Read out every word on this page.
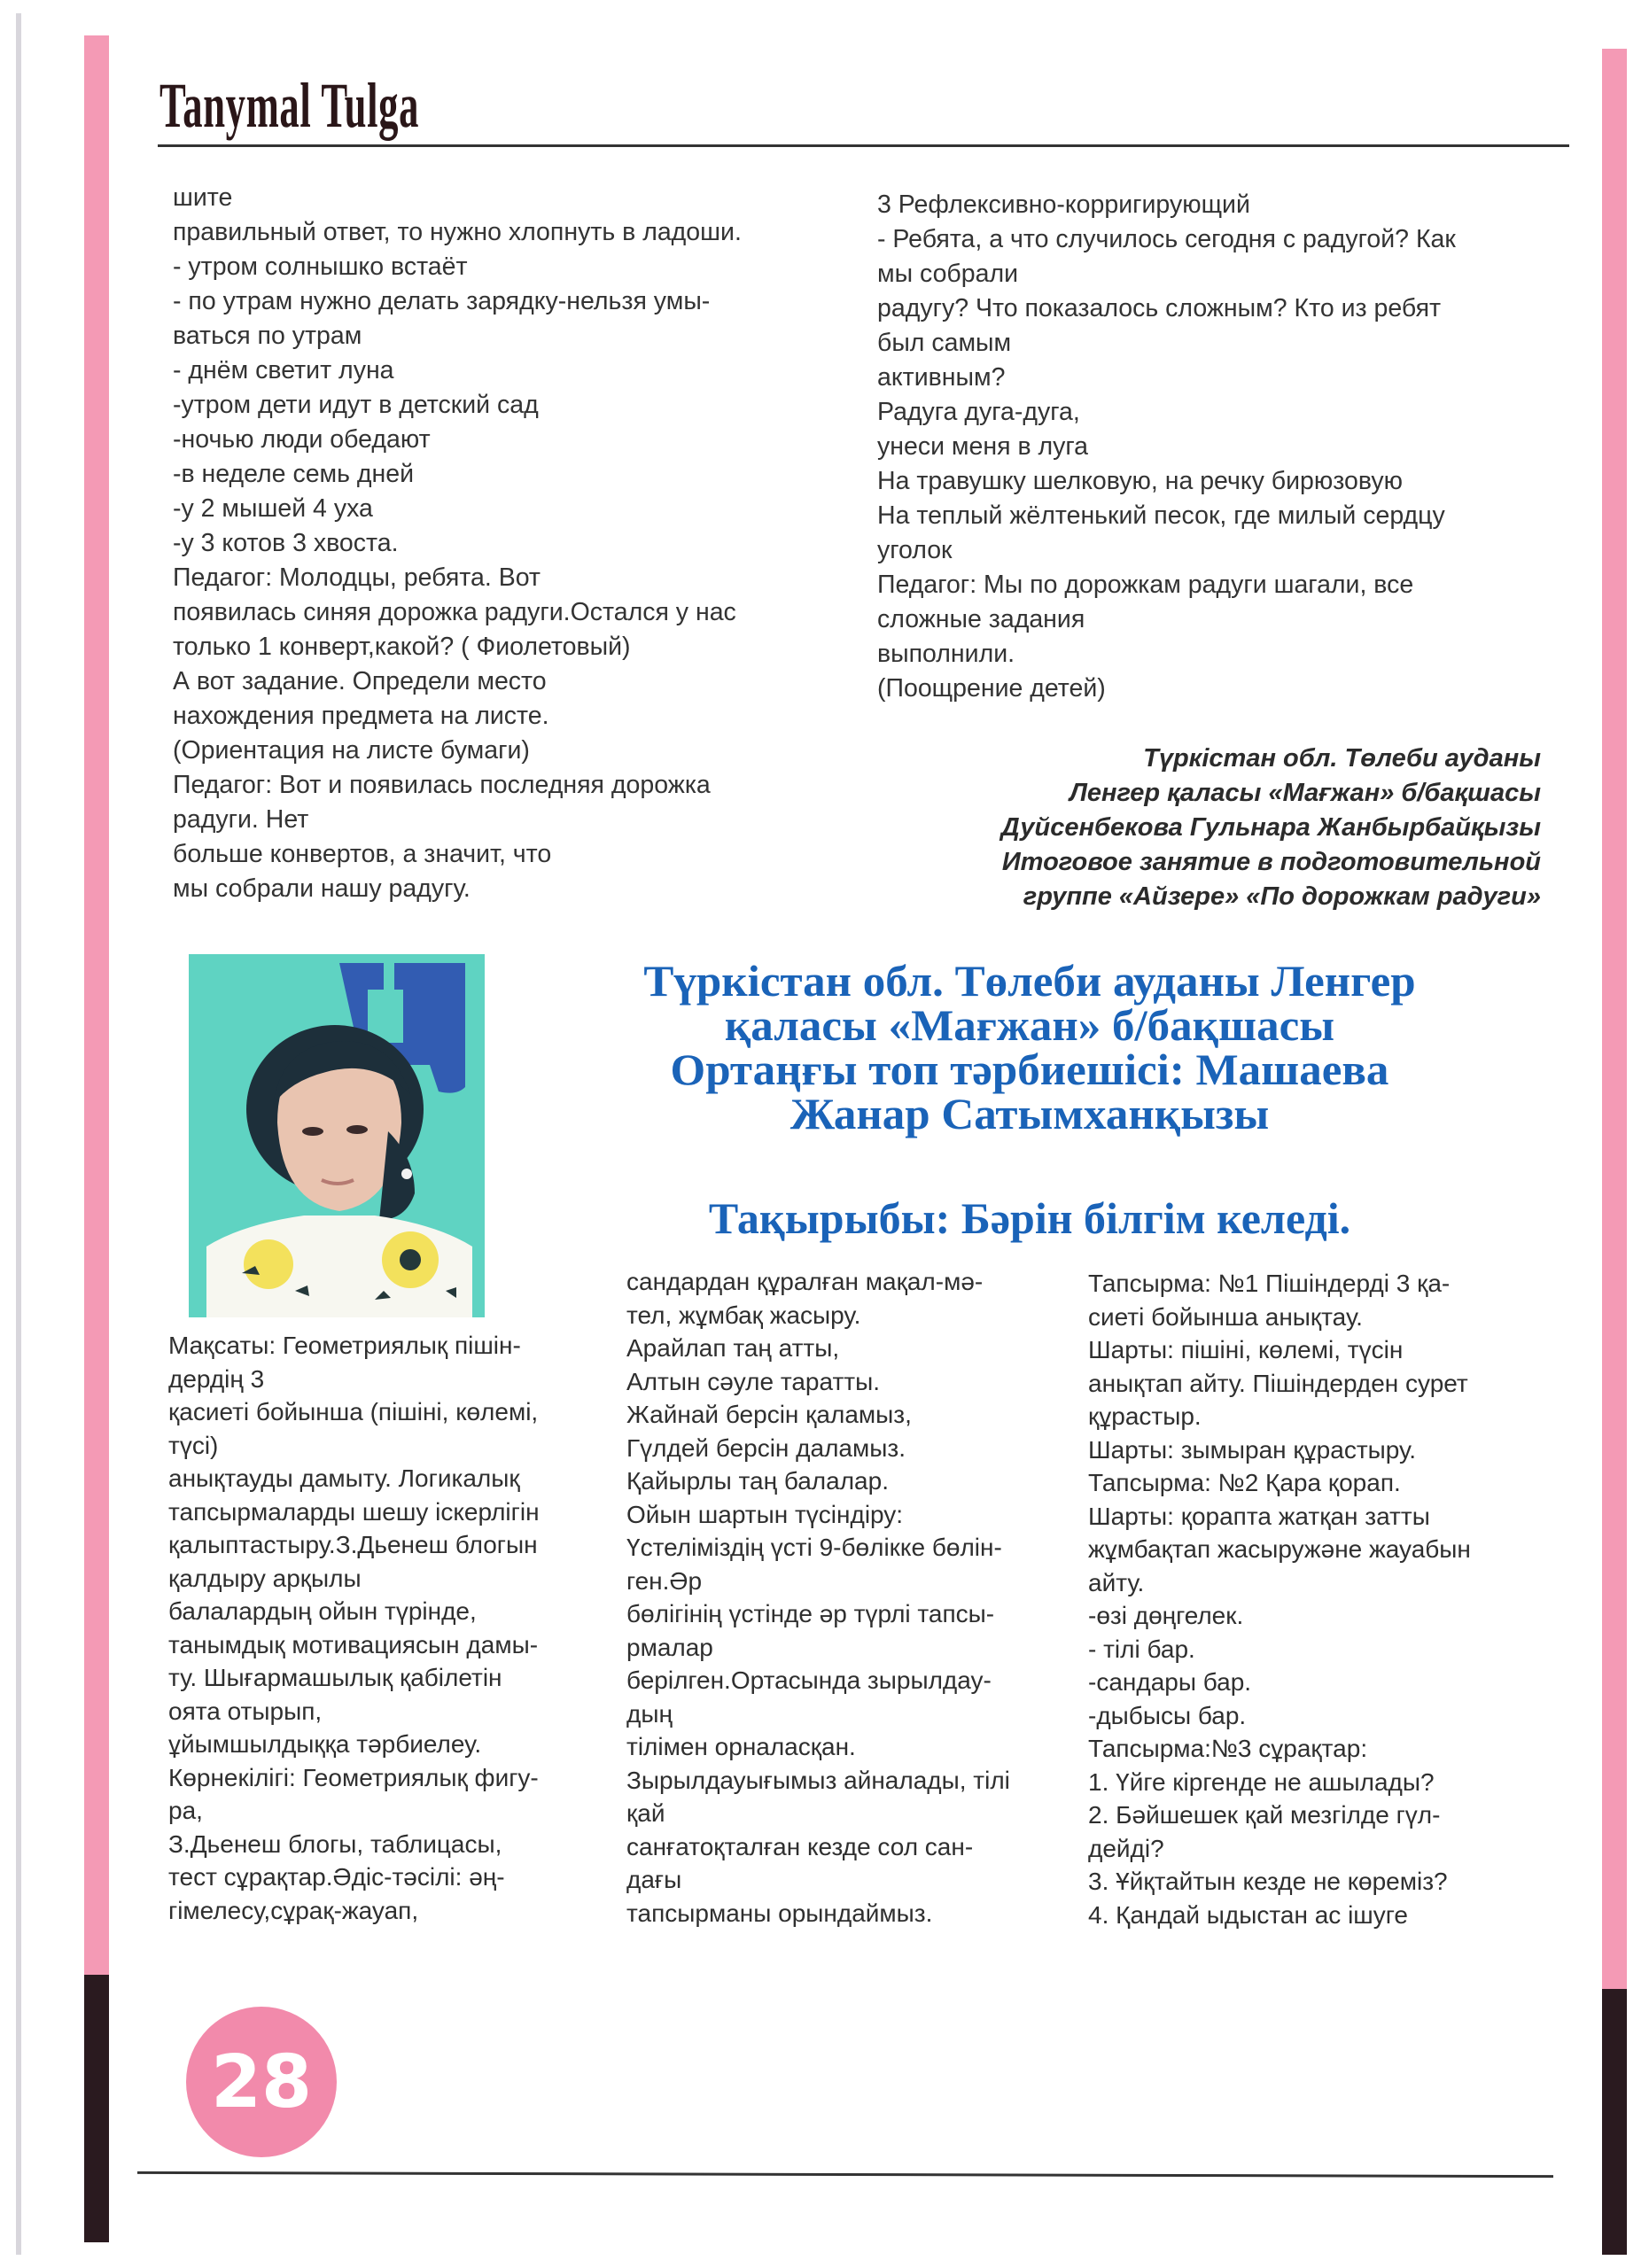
Tanymal Tulga
шите
правильный ответ, то нужно хлопнуть в ладоши.
- утром солнышко встаёт
- по утрам нужно делать зарядку-нельзя умы-
ваться по утрам
- днём светит луна
-утром дети идут в детский сад
-ночью люди обедают
-в неделе семь дней
-у 2 мышей 4 уха
-у 3 котов 3 хвоста.
Педагог: Молодцы, ребята. Вот
появилась синяя дорожка радуги.Остался у нас
только 1 конверт,какой? ( Фиолетовый)
А вот задание. Определи место
нахождения предмета на листе.
(Ориентация на листе бумаги)
Педагог: Вот и появилась последняя дорожка
радуги. Нет
больше конвертов, а значит, что
мы собрали нашу радугу.
3 Рефлексивно-корригирующий
- Ребята, а что случилось сегодня с радугой? Как
мы собрали
радугу? Что показалось сложным? Кто из ребят
был самым
активным?
Радуга дуга-дуга,
унеси меня в луга
На травушку шелковую, на речку бирюзовую
На теплый жёлтенький песок, где милый сердцу
уголок
Педагог: Мы по дорожкам радуги шагали, все
сложные задания
выполнили.
(Поощрение детей)
Түркістан обл. Төлеби ауданы
Ленгер қаласы «Мағжан» б/бақшасы
Дуйсенбекова Гульнара Жанбырбайқызы
Итоговое занятие в подготовительной
группе «Айзере» «По дорожкам радуги»
Түркістан обл. Төлеби ауданы Ленгер
қаласы «Мағжан» б/бақшасы
Ортаңғы топ тәрбиешісі: Машаева
Жанар Сатымханқызы
Тақырыбы: Бәрін білгім келеді.
Мақсаты: Геометриялық пішін-
дердің 3
қасиеті бойынша (пішіні, көлемі,
түсі)
анықтауды дамыту. Логикалық
тапсырмаларды шешу іскерлігін
қалыптастыру.З.Дьенеш блогын
қалдыру арқылы
балалардың ойын түрінде,
танымдық мотивациясын дамы-
ту. Шығармашылық қабілетін
оята отырып,
ұйымшылдыққа тәрбиелеу.
Көрнекілігі: Геометриялық фигу-
ра,
З.Дьенеш блогы, таблицасы,
тест сұрақтар.Әдіс-тәсілі: әң-
гімелесу,сұрақ-жауап,
сандардан құралған мақал-мә-
тел, жұмбақ жасыру.
Арайлап таң атты,
Алтын сәуле таратты.
Жайнай берсін қаламыз,
Гүлдей берсін даламыз.
Қайырлы таң балалар.
Ойын шартын түсіндіру:
Үстеліміздің үсті 9-бөлікке бөлін-
ген.Әр
бөлігінің үстінде әр түрлі тапсы-
рмалар
берілген.Ортасында зырылдау-
дың
тілімен орналасқан.
Зырылдауығымыз айналады, тілі
қай
санғатоқталған кезде сол сан-
дағы
тапсырманы орындаймыз.
Тапсырма: №1 Пішіндерді 3 қа-
сиеті бойынша анықтау.
Шарты: пішіні, көлемі, түсін
анықтап айту. Пішіндерден сурет
құрастыр.
Шарты: зымыран құрастыру.
Тапсырма: №2 Қара қорап.
Шарты: қорапта жатқан затты
жұмбақтап жасыружәне жауабын
айту.
-өзі дөңгелек.
- тілі бар.
-сандары бар.
-дыбысы бар.
Тапсырма:№3 сұрақтар:
1. Үйге кіргенде не ашылады?
2. Бәйшешек қай мезгілде гүл-
дейді?
3. Ұйқтайтын кезде не көреміз?
4. Қандай ыдыстан ас ішуге
28
